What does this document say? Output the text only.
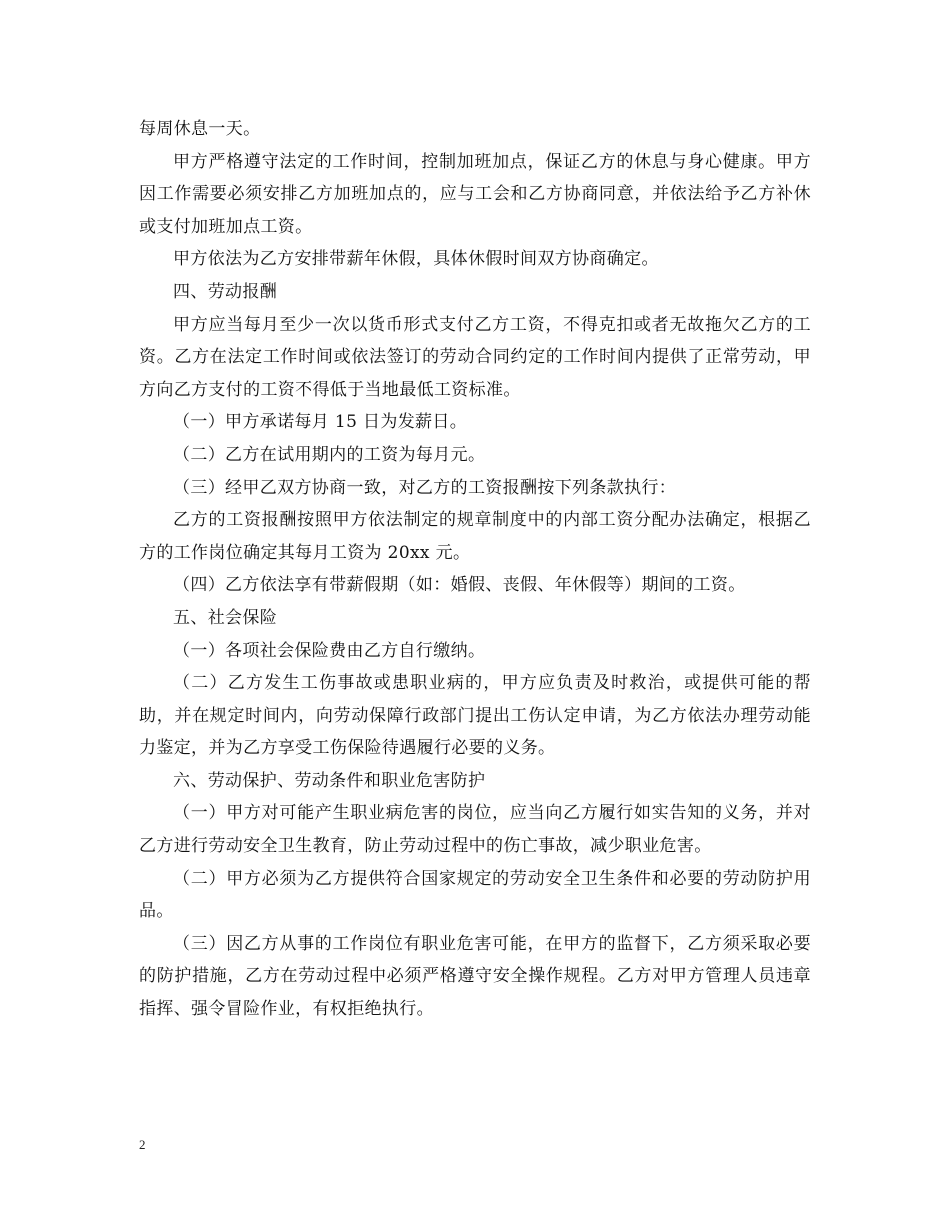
每周休息一天。

甲方严格遵守法定的工作时间，控制加班加点，保证乙方的休息与身心健康。甲方因工作需要必须安排乙方加班加点的，应与工会和乙方协商同意，并依法给予乙方补休或支付加班加点工资。

甲方依法为乙方安排带薪年休假，具体休假时间双方协商确定。

四、劳动报酬

甲方应当每月至少一次以货币形式支付乙方工资，不得克扣或者无故拖欠乙方的工资。乙方在法定工作时间或依法签订的劳动合同约定的工作时间内提供了正常劳动，甲方向乙方支付的工资不得低于当地最低工资标准。

（一）甲方承诺每月 15 日为发薪日。

（二）乙方在试用期内的工资为每月元。

（三）经甲乙双方协商一致，对乙方的工资报酬按下列条款执行：

乙方的工资报酬按照甲方依法制定的规章制度中的内部工资分配办法确定，根据乙方的工作岗位确定其每月工资为 20xx 元。

（四）乙方依法享有带薪假期（如：婚假、丧假、年休假等）期间的工资。

五、社会保险

（一）各项社会保险费由乙方自行缴纳。

（二）乙方发生工伤事故或患职业病的，甲方应负责及时救治，或提供可能的帮助，并在规定时间内，向劳动保障行政部门提出工伤认定申请，为乙方依法办理劳动能力鉴定，并为乙方享受工伤保险待遇履行必要的义务。

六、劳动保护、劳动条件和职业危害防护

（一）甲方对可能产生职业病危害的岗位，应当向乙方履行如实告知的义务，并对乙方进行劳动安全卫生教育，防止劳动过程中的伤亡事故，减少职业危害。

（二）甲方必须为乙方提供符合国家规定的劳动安全卫生条件和必要的劳动防护用品。

（三）因乙方从事的工作岗位有职业危害可能，在甲方的监督下，乙方须采取必要的防护措施，乙方在劳动过程中必须严格遵守安全操作规程。乙方对甲方管理人员违章指挥、强令冒险作业，有权拒绝执行。

2
